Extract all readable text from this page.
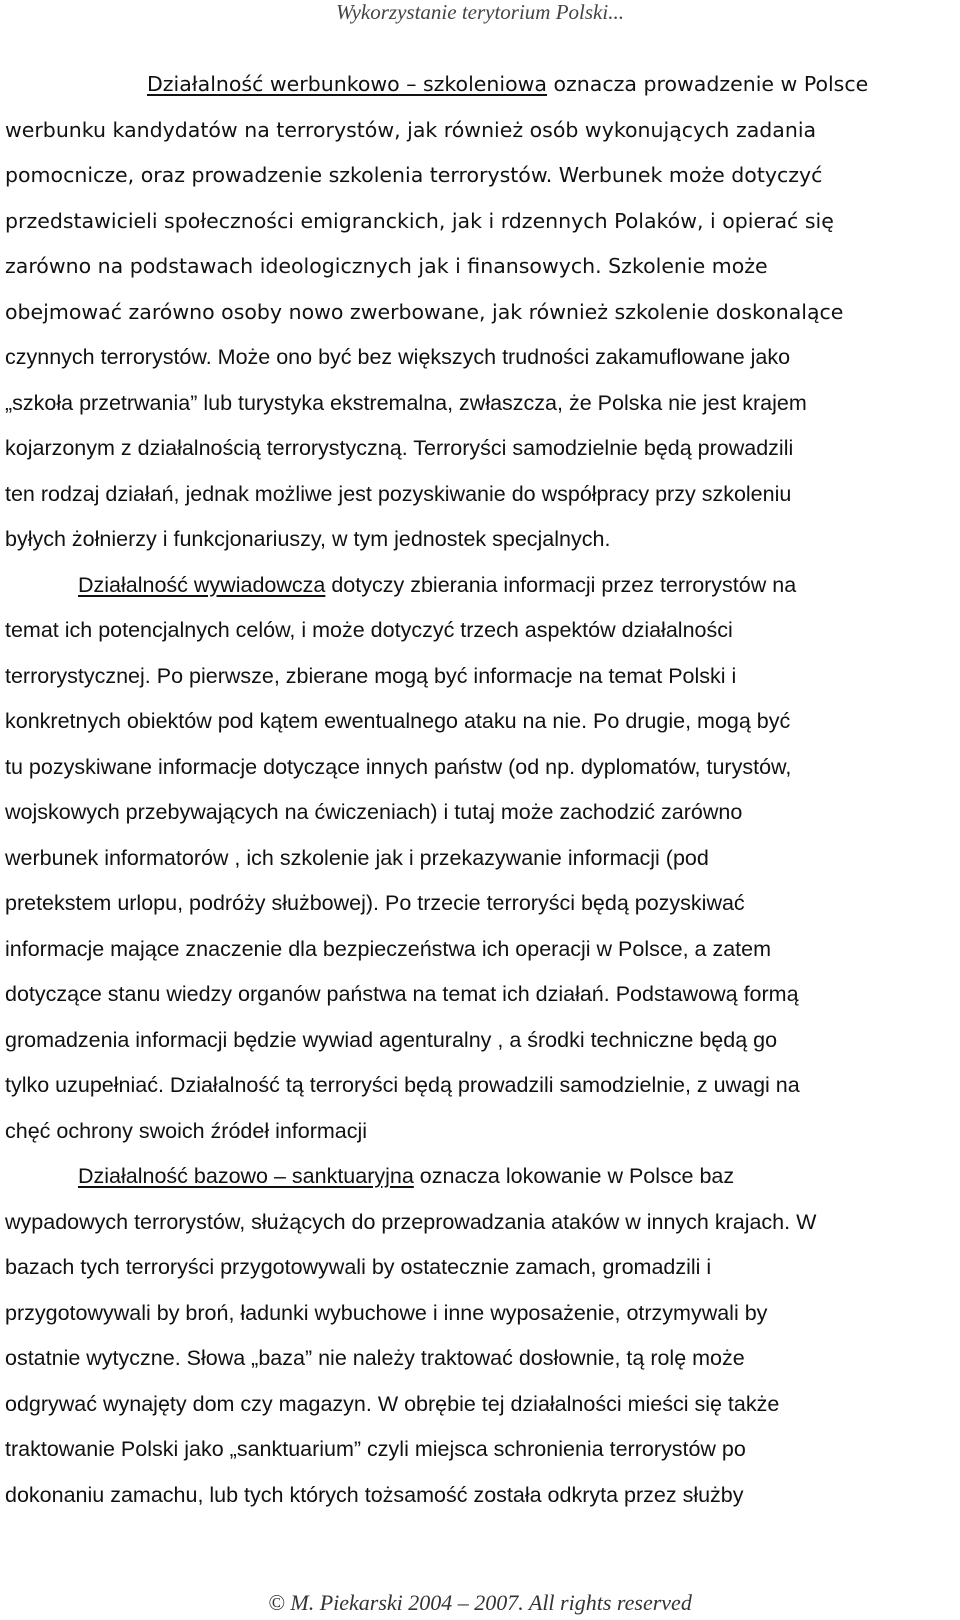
Wykorzystanie terytorium Polski...

Działalność werbunkowo – szkoleniowa oznacza prowadzenie w Polsce
werbunku kandydatów na terrorystów, jak również osób wykonujących zadania
pomocnicze, oraz prowadzenie szkolenia terrorystów. Werbunek może dotyczyć
przedstawicieli społeczności emigranckich, jak i rdzennych Polaków, i opierać się
zarówno na podstawach ideologicznych jak i finansowych. Szkolenie może
obejmować zarówno osoby nowo zwerbowane, jak również szkolenie doskonalące
czynnych terrorystów. Może ono być bez większych trudności zakamuflowane jako
„szkoła przetrwania” lub turystyka ekstremalna, zwłaszcza, że Polska nie jest krajem
kojarzonym z działalnością terrorystyczną. Terroryści samodzielnie będą prowadzili
ten rodzaj działań, jednak możliwe jest pozyskiwanie do współpracy przy szkoleniu
byłych żołnierzy i funkcjonariuszy, w tym jednostek specjalnych.

Działalność wywiadowcza dotyczy zbierania informacji przez terrorystów na
temat ich potencjalnych celów, i może dotyczyć trzech aspektów działalności
terrorystycznej. Po pierwsze, zbierane mogą być informacje na temat Polski i
konkretnych obiektów pod kątem ewentualnego ataku na nie. Po drugie, mogą być
tu pozyskiwane informacje dotyczące innych państw (od np. dyplomatów, turystów,
wojskowych przebywających na ćwiczeniach) i tutaj może zachodzić zarówno
werbunek informatorów , ich szkolenie jak i przekazywanie informacji (pod
pretekstem urlopu, podróży służbowej). Po trzecie terroryści będą pozyskiwać
informacje mające znaczenie dla bezpieczeństwa ich operacji w Polsce, a zatem
dotyczące stanu wiedzy organów państwa na temat ich działań. Podstawową formą
gromadzenia informacji będzie wywiad agenturalny , a środki techniczne będą go
tylko uzupełniać. Działalność tą terroryści będą prowadzili samodzielnie, z uwagi na
chęć ochrony swoich źródeł informacji

Działalność bazowo – sanktuaryjna oznacza lokowanie w Polsce baz
wypadowych terrorystów, służących do przeprowadzania ataków w innych krajach. W
bazach tych terroryści przygotowywali by ostatecznie zamach, gromadzili i
przygotowywali by broń, ładunki wybuchowe i inne wyposażenie, otrzymywali by
ostatnie wytyczne. Słowa „baza” nie należy traktować dosłownie, tą rolę może
odgrywać wynajęty dom czy magazyn. W obrębie tej działalności mieści się także
traktowanie Polski jako „sanktuarium” czyli miejsca schronienia terrorystów po
dokonaniu zamachu, lub tych których tożsamość została odkryta przez służby

© M. Piekarski 2004 – 2007. All rights reserved
